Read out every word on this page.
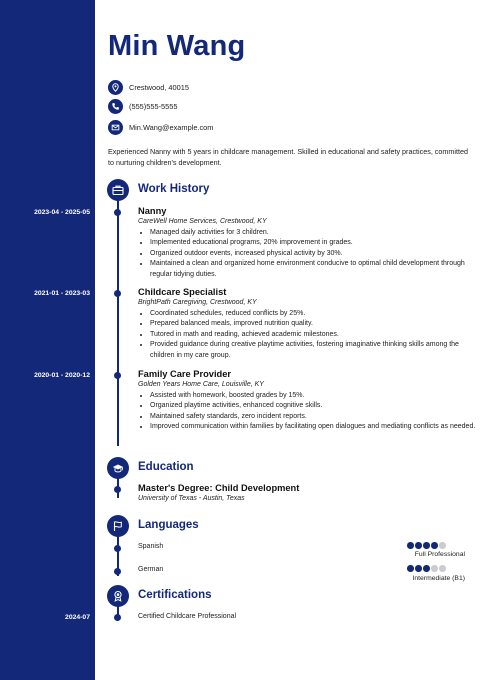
Min Wang
Crestwood, 40015
(555)555-5555
Min.Wang@example.com
Experienced Nanny with 5 years in childcare management. Skilled in educational and safety practices, committed to nurturing children's development.
Work History
2023-04 - 2025-05	Nanny
CareWell Home Services, Crestwood, KY
• Managed daily activities for 3 children.
• Implemented educational programs, 20% improvement in grades.
• Organized outdoor events, increased physical activity by 30%.
• Maintained a clean and organized home environment conducive to optimal child development through regular tidying duties.
2021-01 - 2023-03	Childcare Specialist
BrightPath Caregiving, Crestwood, KY
• Coordinated schedules, reduced conflicts by 25%.
• Prepared balanced meals, improved nutrition quality.
• Tutored in math and reading, achieved academic milestones.
• Provided guidance during creative playtime activities, fostering imaginative thinking skills among the children in my care group.
2020-01 - 2020-12	Family Care Provider
Golden Years Home Care, Louisville, KY
• Assisted with homework, boosted grades by 15%.
• Organized playtime activities, enhanced cognitive skills.
• Maintained safety standards, zero incident reports.
• Improved communication within families by facilitating open dialogues and mediating conflicts as needed.
Education
Master's Degree: Child Development
University of Texas - Austin, Texas
Languages
Spanish
Full Professional
German
Intermediate (B1)
Certifications
2024-07	Certified Childcare Professional
